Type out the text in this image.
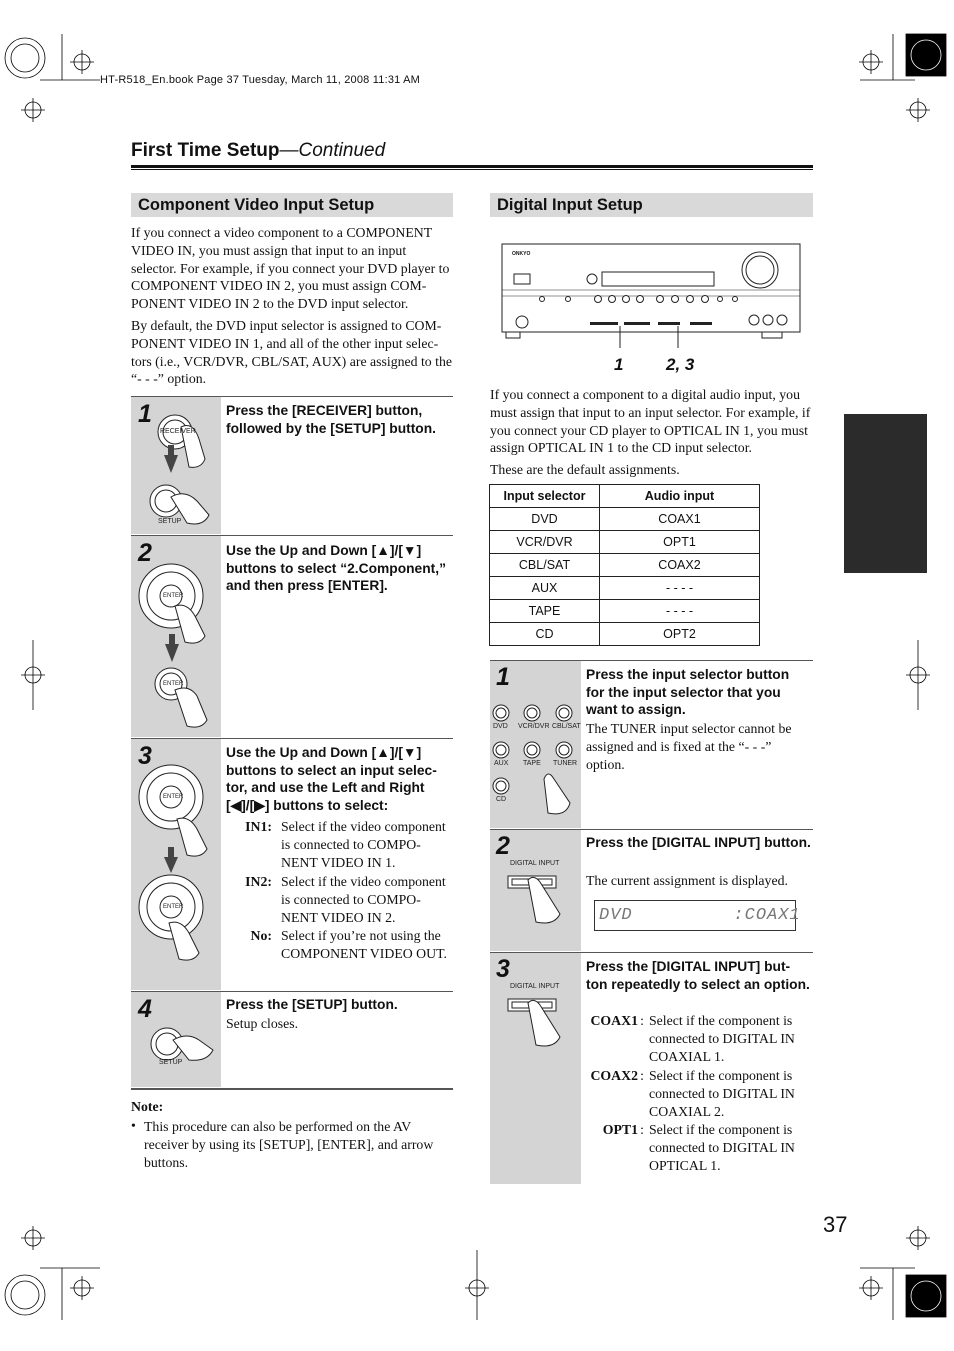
HT-R518_En.book Page 37 Tuesday, March 11, 2008 11:31 AM
First Time Setup—Continued
Component Video Input Setup

If you connect a video component to a COMPONENT VIDEO IN, you must assign that input to an input selector. For example, if you connect your DVD player to COMPONENT VIDEO IN 2, you must assign COM-PONENT VIDEO IN 2 to the DVD input selector.

By default, the DVD input selector is assigned to COM-PONENT VIDEO IN 1, and all of the other input selec-tors (i.e., VCR/DVR, CBL/SAT, AUX) are assigned to the “- - -” option.

RECEIVER
SETUP
1	Press the [RECEIVER] button, followed by the [SETUP] button.
ENTER
ENTER
2	Use the Up and Down [▲]/[▼] buttons to select “2.Component,” and then press [ENTER].
ENTER
ENTER
3	Use the Up and Down [▲]/[▼] buttons to select an input selec-tor, and use the Left and Right [◀]/[▶] buttons to select:
IN1: Select if the video component is connected to COMPO-NENT VIDEO IN 1.
IN2: Select if the video component is connected to COMPO-NENT VIDEO IN 2.
No: Select if you’re not using the COMPONENT VIDEO OUT.
SETUP
4	Press the [SETUP] button.
Setup closes.
Note:
• This procedure can also be performed on the AV receiver by using its [SETUP], [ENTER], and arrow buttons.

Digital Input Setup
ONKYO
1	2, 3

If you connect a component to a digital audio input, you must assign that input to an input selector. For example, if you connect your CD player to OPTICAL IN 1, you must assign OPTICAL IN 1 to the CD input selector.

These are the default assignments.

Input selector	Audio input
DVD	COAX1
VCR/DVR	OPT1
CBL/SAT	COAX2
AUX	- - - -
TAPE	- - - -
CD	OPT2
DVD VCR/DVR CBL/SAT
AUX TAPE TUNER
CD
1	Press the input selector button for the input selector that you want to assign.
The TUNER input selector cannot be assigned and is fixed at the “- - -” option.
DIGITAL INPUT
2	Press the [DIGITAL INPUT] button.
The current assignment is displayed.
DVD         :COAX1
DIGITAL INPUT
3	Press the [DIGITAL INPUT] but-ton repeatedly to select an option.
COAX1 : Select if the component is connected to DIGITAL IN COAXIAL 1.
COAX2 : Select if the component is connected to DIGITAL IN COAXIAL 2.
OPT1 : Select if the component is connected to DIGITAL IN OPTICAL 1.
37
